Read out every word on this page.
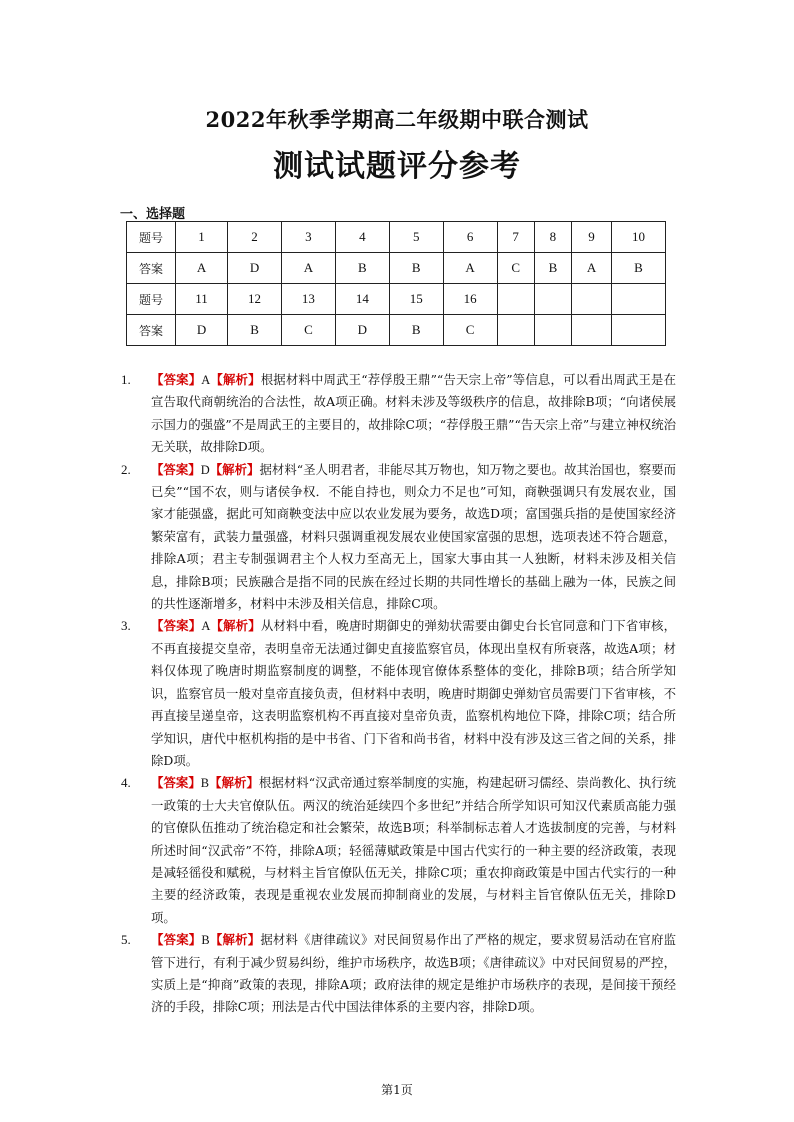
2022年秋季学期高二年级期中联合测试
测试试题评分参考
一、选择题
题号	1	2	3	4	5	6	7	8	9	10
答案	A	D	A	B	B	A	C	B	A	B
题号	11	12	13	14	15	16				
答案	D	B	C	D	B	C				
1. 【答案】A【解析】根据材料中周武王“荐俘殷王鼎”“告天宗上帝”等信息，可以看出周武王是在宣告取代商朝统治的合法性，故A项正确。材料未涉及等级秩序的信息，故排除B项；“向诸侯展示国力的强盛”不是周武王的主要目的，故排除C项；“荐俘殷王鼎”“告天宗上帝”与建立神权统治无关联，故排除D项。
2. 【答案】D【解析】据材料“圣人明君者，非能尽其万物也，知万物之要也。故其治国也，察要而已矣”“国不农，则与诸侯争权．不能自持也，则众力不足也”可知，商鞅强调只有发展农业，国家才能强盛，据此可知商鞅变法中应以农业发展为要务，故选D项；富国强兵指的是使国家经济繁荣富有，武装力量强盛，材料只强调重视发展农业使国家富强的思想，选项表述不符合题意，排除A项；君主专制强调君主个人权力至高无上，国家大事由其一人独断，材料未涉及相关信息，排除B项；民族融合是指不同的民族在经过长期的共同性增长的基础上融为一体，民族之间的共性逐渐增多，材料中未涉及相关信息，排除C项。
3. 【答案】A【解析】从材料中看，晚唐时期御史的弹劾状需要由御史台长官同意和门下省审核，不再直接提交皇帝，表明皇帝无法通过御史直接监察官员，体现出皇权有所衰落，故选A项；材料仅体现了晚唐时期监察制度的调整，不能体现官僚体系整体的变化，排除B项；结合所学知识，监察官员一般对皇帝直接负责，但材料中表明，晚唐时期御史弹劾官员需要门下省审核，不再直接呈递皇帝，这表明监察机构不再直接对皇帝负责，监察机构地位下降，排除C项；结合所学知识，唐代中枢机构指的是中书省、门下省和尚书省，材料中没有涉及这三省之间的关系，排除D项。
4. 【答案】B【解析】根据材料“汉武帝通过察举制度的实施，构建起研习儒经、崇尚教化、执行统一政策的士大夫官僚队伍。两汉的统治延续四个多世纪”并结合所学知识可知汉代素质高能力强的官僚队伍推动了统治稳定和社会繁荣，故选B项；科举制标志着人才选拔制度的完善，与材料所述时间“汉武帝”不符，排除A项；轻徭薄赋政策是中国古代实行的一种主要的经济政策，表现是减轻徭役和赋税，与材料主旨官僚队伍无关，排除C项；重农抑商政策是中国古代实行的一种主要的经济政策，表现是重视农业发展而抑制商业的发展，与材料主旨官僚队伍无关，排除D项。
5. 【答案】B【解析】据材料《唐律疏议》对民间贸易作出了严格的规定，要求贸易活动在官府监管下进行，有利于减少贸易纠纷，维护市场秩序，故选B项；《唐律疏议》中对民间贸易的严控，实质上是“抑商”政策的表现，排除A项；政府法律的规定是维护市场秩序的表现，是间接干预经济的手段，排除C项；刑法是古代中国法律体系的主要内容，排除D项。
第1页
